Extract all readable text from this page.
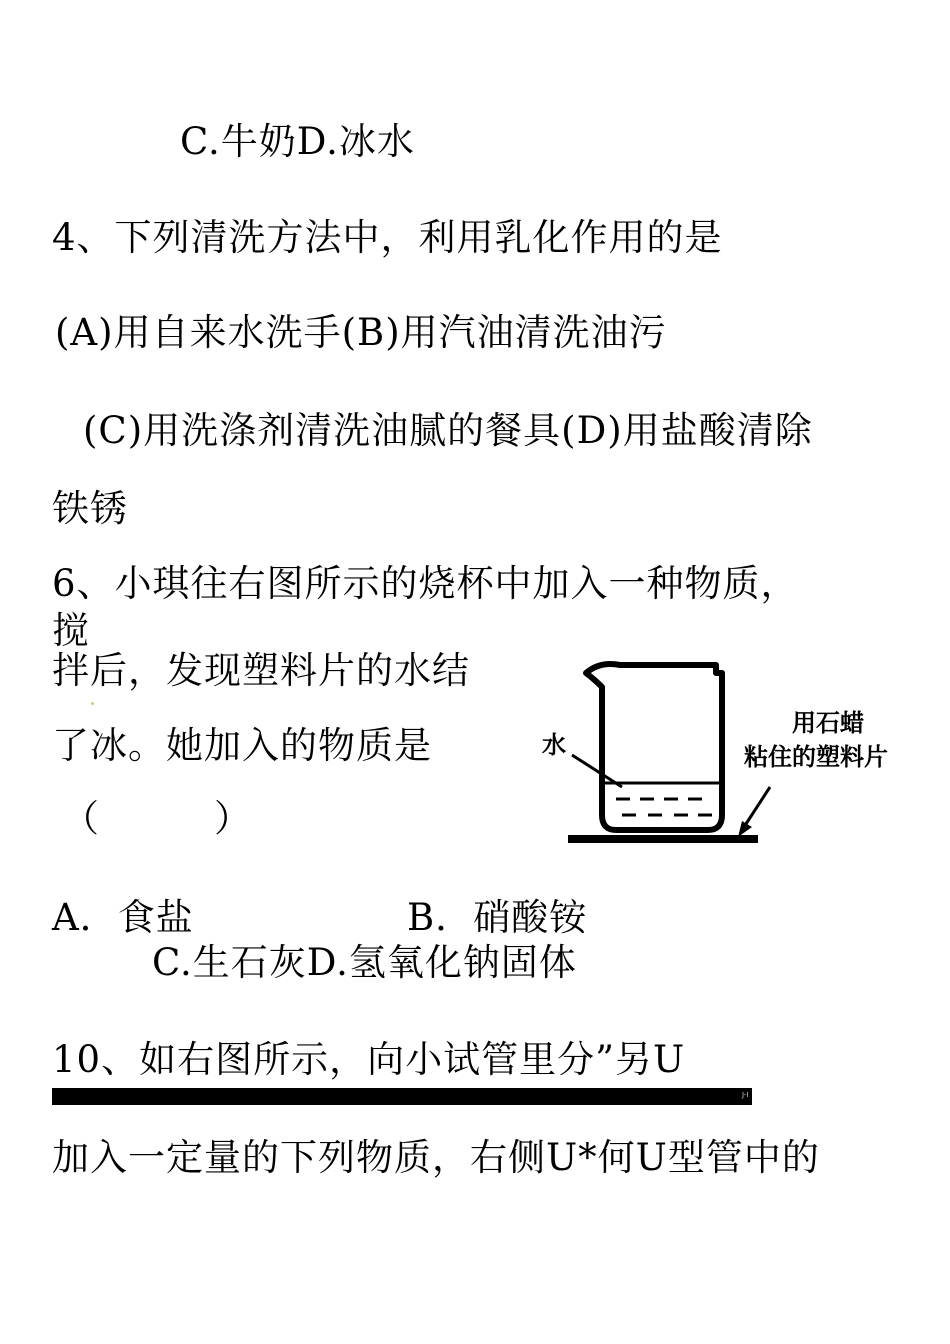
C.牛奶D.冰水
4、下列清洗方法中，利用乳化作用的是
(A)用自来水洗手(B)用汽油清洗油污
(C)用洗涤剂清洗油腻的餐具(D)用盐酸清除
铁锈
6、小琪往右图所示的烧杯中加入一种物质，
搅
拌后，发现塑料片的水结
了冰。她加入的物质是
（　　　）
水
用石蜡
粘住的塑料片
A．食盐	B．硝酸铵
C.生石灰D.氢氧化钠固体
10、如右图所示，向小试管里分”另U
J-I
加入一定量的下列物质，右侧U*何U型管中的
